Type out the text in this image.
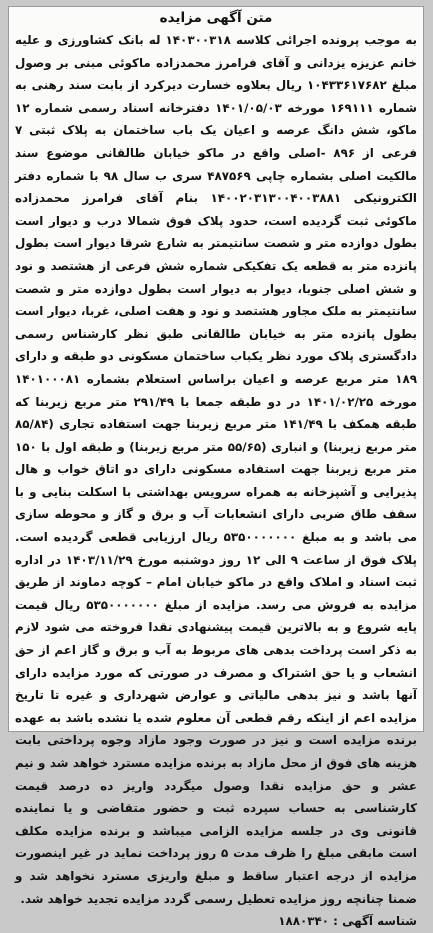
متن آگهی مزایده

به موجب پرونده اجرائی کلاسه ۱۴۰۳۰۰۳۱۸ له بانک کشاورزی و علیه خانم عزیزه یزدانی و آقای فرامرز محمدزاده ماکوئی مبنی بر وصول مبلغ ۱۰۴۳۳۶۱۷۶۸۲ ریال بعلاوه خسارت دیرکرد از بابت سند رهنی به شماره ۱۶۹۱۱۱ مورخه ۱۴۰۱/۰۵/۰۳ دفترخانه اسناد رسمی شماره ۱۲ ماکو، شش دانگ عرصه و اعیان یک باب ساختمان به پلاک ثبتی ۷ فرعی از ۸۹۶ -اصلی واقع در ماکو خیابان طالقانی موضوع سند مالکیت اصلی بشماره چاپی ۴۸۷۵۶۹ سری ب سال ۹۸ با شماره دفتر الکترونیکی ۱۴۰۰۲۰۳۱۳۰۰۴۰۰۳۸۸۱ بنام آقای فرامرز محمدزاده ماکوئی ثبت گردیده است، حدود پلاک فوق شمالا درب و دیوار است بطول دوازده متر و شصت سانتیمتر به شارع شرقا دیوار است بطول پانزده متر به قطعه یک تفکیکی شماره شش فرعی از هشتصد و نود و شش اصلی جنوبا، دیوار به دیوار است بطول دوازده متر و شصت سانتیمتر به ملک مجاور هشتصد و نود و هفت اصلی، غربا، دیوار است بطول پانزده متر به خیابان طالقانی طبق نظر کارشناس رسمی دادگستری پلاک مورد نظر یکباب ساختمان مسکونی دو طبقه و دارای ۱۸۹ متر مربع عرصه و اعیان براساس استعلام بشماره ۱۴۰۱۰۰۰۸۱ مورخه ۱۴۰۱/۰۲/۲۵ در دو طبقه جمعا با ۲۹۱/۴۹ متر مربع زیربنا که طبقه همکف با ۱۴۱/۴۹ متر مربع زیربنا جهت استفاده تجاری (۸۵/۸۴ متر مربع زیربنا) و انباری (۵۵/۶۵ متر مربع زیربنا) و طبقه اول با ۱۵۰ متر مربع زیربنا جهت استفاده مسکونی دارای دو اتاق خواب و هال پذیرایی و آشپزخانه به همراه سرویس بهداشتی با اسکلت بنایی و با سقف طاق ضربی دارای انشعابات آب و برق و گاز و محوطه سازی می باشد و به مبلغ ۵۳۵۰۰۰۰۰۰۰ ریال ارزیابی قطعی گردیده است. پلاک فوق از ساعت ۹ الی ۱۲ روز دوشنبه مورخ ۱۴۰۳/۱۱/۲۹ در اداره ثبت اسناد و املاک واقع در ماکو خیابان امام – کوچه دماوند از طریق مزایده به فروش می رسد. مزایده از مبلغ ۵۳۵۰۰۰۰۰۰۰ ریال قیمت پایه شروع و به بالاترین قیمت پیشنهادی نقدا فروخته می شود لازم به ذکر است پرداخت بدهی های مربوط به آب و برق و گاز اعم از حق انشعاب و یا حق اشتراک و مصرف در صورتی که مورد مزایده دارای آنها باشد و نیز بدهی مالیاتی و عوارض شهرداری و غیره تا تاریخ مزایده اعم از اینکه رقم قطعی آن معلوم شده یا نشده باشد به عهده برنده مزایده است و نیز در صورت وجود مازاد وجوه پرداختی بابت هزینه های فوق از محل مازاد به برنده مزایده مسترد خواهد شد و نیم عشر و حق مزایده نقدا وصول میگردد واریز ده درصد قیمت کارشناسی به حساب سپرده ثبت و حضور متقاضی و یا نماینده قانونی وی در جلسه مزایده الزامی میباشد و برنده مزایده مکلف است مابقی مبلغ را ظرف مدت ۵ روز پرداخت نماید در غیر اینصورت مزایده از درجه اعتبار ساقط و مبلغ واریزی مسترد نخواهد شد و ضمنا چنانچه روز مزایده تعطیل رسمی گردد مزایده تجدید خواهد شد.

شناسه آگهی : ۱۸۸۰۳۴۰
